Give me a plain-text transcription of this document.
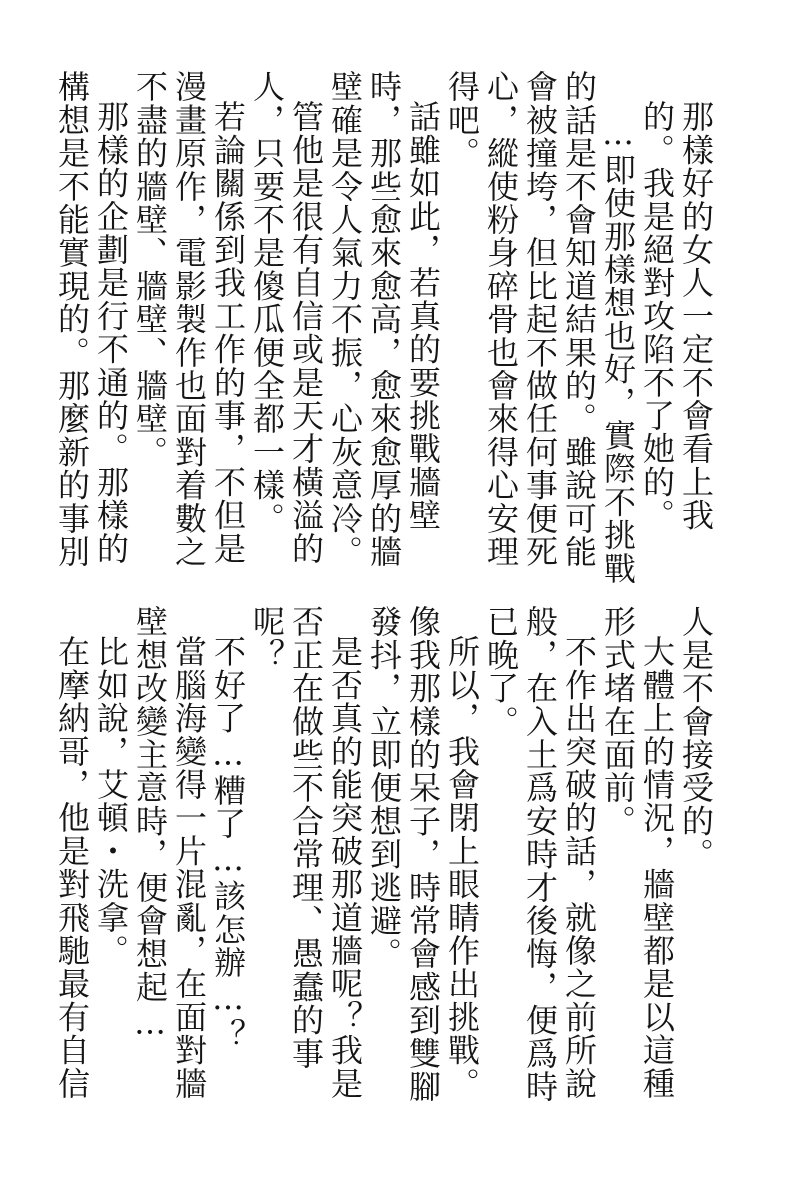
那樣好的女人一定不會看上我
的。我是絕對攻陷不了她的。
…即使那樣想也好，實際不挑戰
的話是不會知道結果的。雖說可能
會被撞垮，但比起不做任何事便死
心，縱使粉身碎骨也會來得心安理
得吧。
話雖如此，若真的要挑戰牆壁
時，那些愈來愈高，愈來愈厚的牆
壁確是令人氣力不振，心灰意冷。
管他是很有自信或是天才橫溢的
人，只要不是傻瓜便全都一樣。
若論關係到我工作的事，不但是
漫畫原作，電影製作也面對着數之
不盡的牆壁、牆壁、牆壁。
那樣的企劃是行不通的。那樣的
構想是不能實現的。那麼新的事別
人是不會接受的。
大體上的情況，牆壁都是以這種
形式堵在面前。
不作出突破的話，就像之前所說
般，在入土爲安時才後悔，便爲時
已晚了。
所以，我會閉上眼睛作出挑戰。
像我那樣的呆子，時常會感到雙腳
發抖，立即便想到逃避。
是否真的能突破那道牆呢？我是
否正在做些不合常理、愚蠢的事
呢？
不好了…糟了…該怎辦…？
當腦海變得一片混亂，在面對牆
壁想改變主意時，便會想起…
比如說，艾頓・洗拿。
在摩納哥，他是對飛馳最有自信
